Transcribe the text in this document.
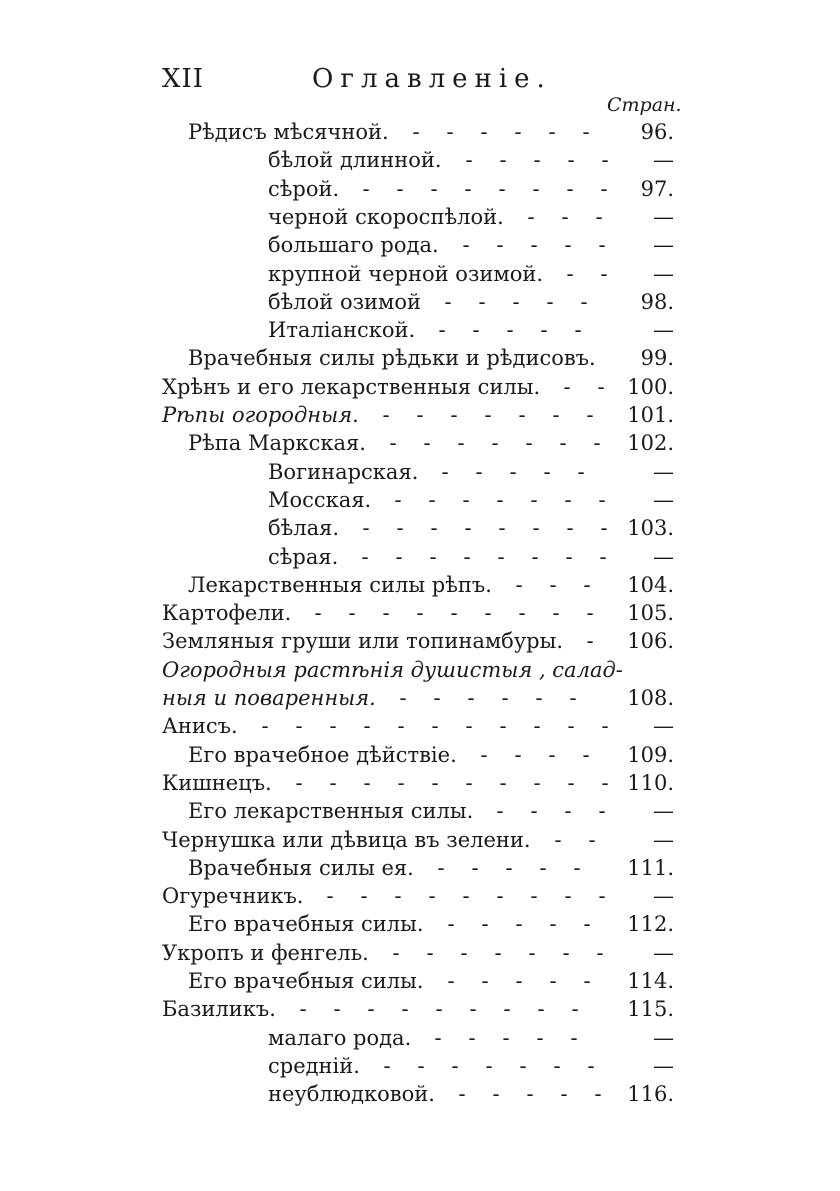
XII	Оглавленіе.
Стран.
Рѣдисъ мѣсячной.	96.
- - - - - -
бѣлой длинной.	—
- - - - -
сѣрой.	97.
- - - - - - - -
черной скороспѣлой.	—
- - -
большаго рода.	—
- - - - -
крупной черной озимой.	—
- -
бѣлой озимой	98.
- - - - -
Италіанской.	—
- - - - -
Врачебныя силы рѣдьки и рѣдисовъ.	99.
Хрѣнъ и его лекарственныя силы.	100.
- -
Рѣпы огородныя.	101.
- - - - - - -
Рѣпа Маркская.	102.
- - - - - - -
Вогинарская.	—
- - - - -
Мосская.	—
- - - - - - -
бѣлая.	103.
- - - - - - - -
сѣрая.	—
- - - - - - - -
Лекарственныя силы рѣпъ.	104.
- - -
Картофели.	105.
- - - - - - - - -
Земляныя груши или топинамбуры.	106.
-
Огородныя растѣнія душистыя , салад-
ныя и поваренныя.	108.
- - - - - -
Анисъ.	—
- - - - - - - - - - -
Его врачебное дѣйствіе.	109.
- - - -
Кишнецъ.	110.
- - - - - - - - - -
Его лекарственныя силы.	—
- - - -
Чернушка или дѣвица въ зелени.	—
- -
Врачебныя силы ея.	111.
- - - - -
Огуречникъ.	—
- - - - - - - - -
Его врачебныя силы.	112.
- - - - -
Укропъ и фенгель.	—
- - - - - - -
Его врачебныя силы.	114.
- - - - -
Базиликъ.	115.
- - - - - - - - -
малаго рода.	—
- - - - -
средній.	—
- - - - - - -
неублюдковой.	116.
- - - - -
